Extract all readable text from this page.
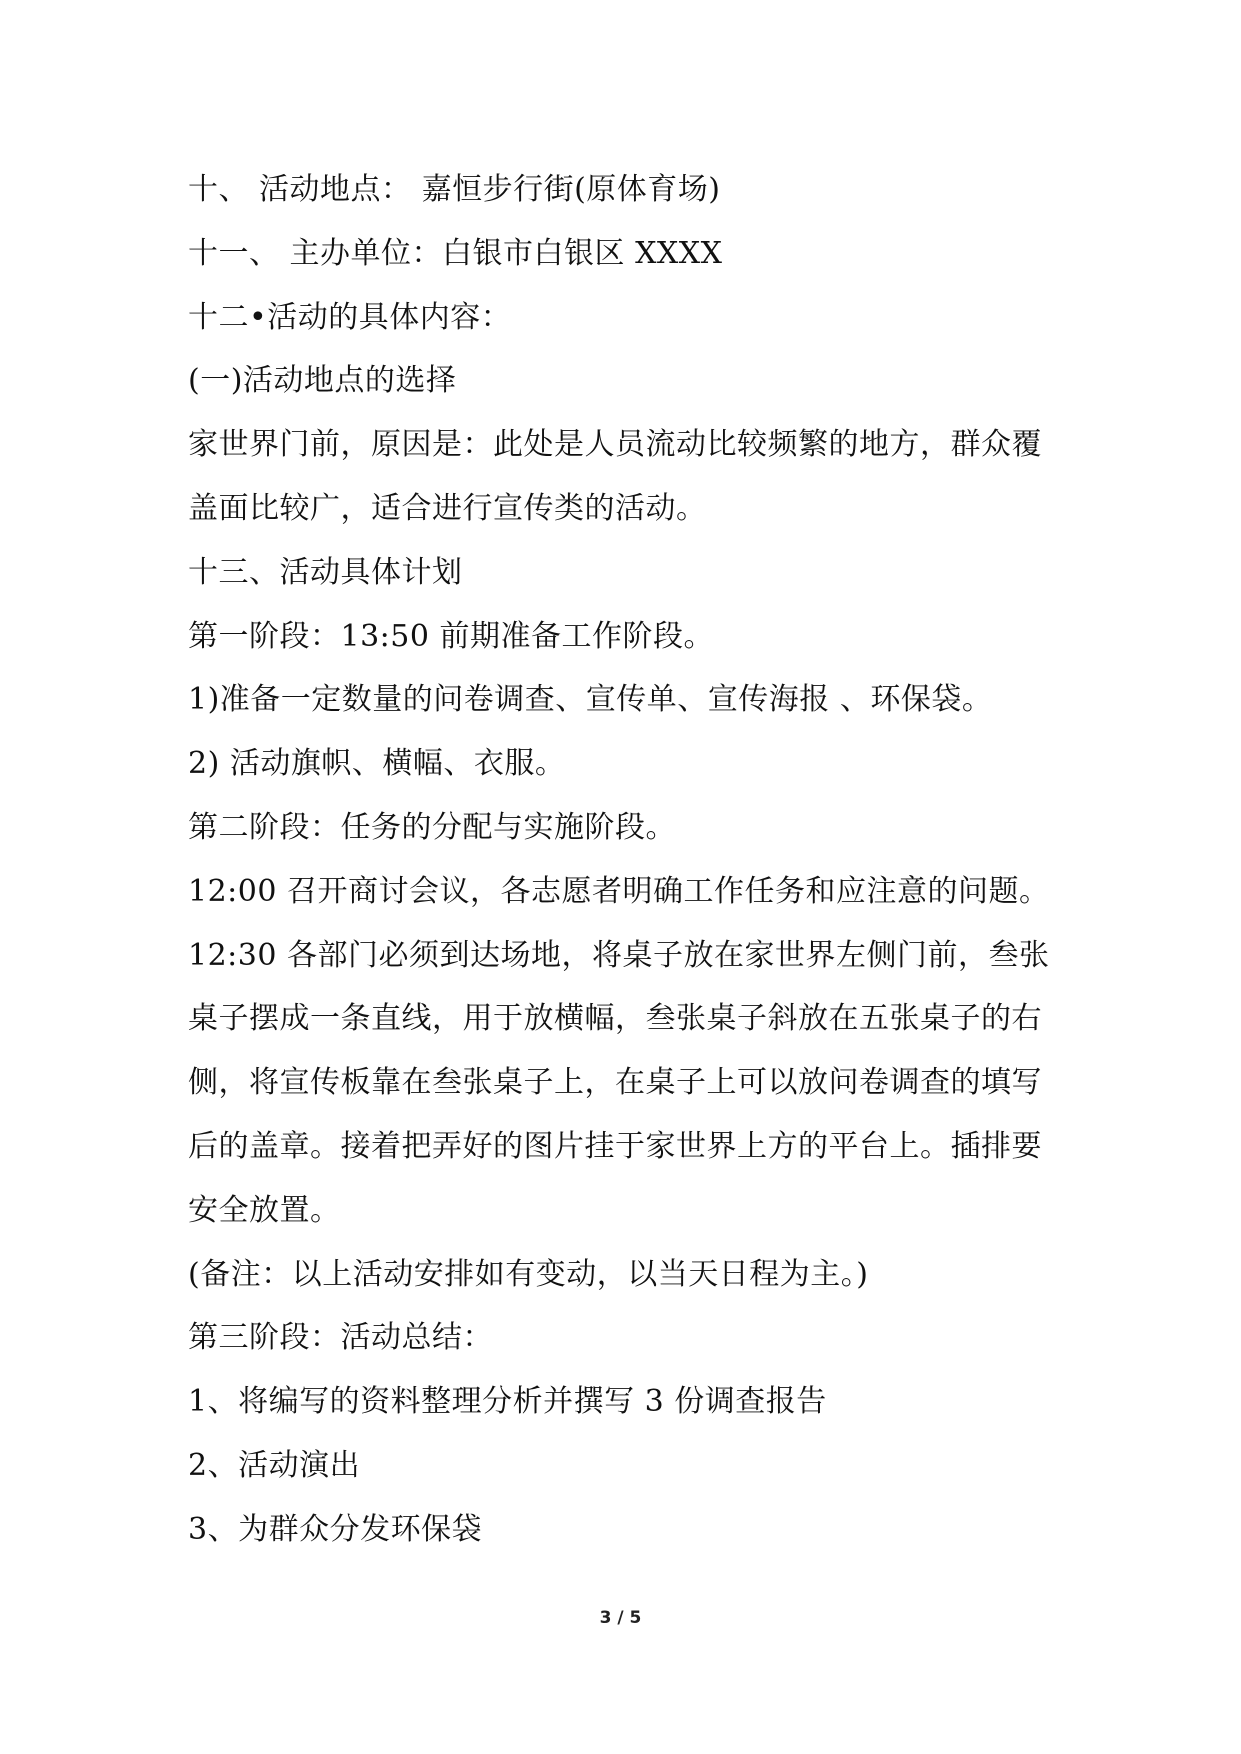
十、 活动地点： 嘉恒步行街(原体育场)
十一、 主办单位：白银市白银区 XXXX
十二•活动的具体内容：
(一)活动地点的选择
家世界门前，原因是：此处是人员流动比较频繁的地方，群众覆
盖面比较广，适合进行宣传类的活动。
十三、活动具体计划
第一阶段：13:50 前期准备工作阶段。
1)准备一定数量的问卷调查、宣传单、宣传海报 、环保袋。
2) 活动旗帜、横幅、衣服。
第二阶段：任务的分配与实施阶段。
12:00 召开商讨会议，各志愿者明确工作任务和应注意的问题。
12:30 各部门必须到达场地，将桌子放在家世界左侧门前，叁张
桌子摆成一条直线，用于放横幅，叁张桌子斜放在五张桌子的右
侧，将宣传板靠在叁张桌子上，在桌子上可以放问卷调查的填写
后的盖章。接着把弄好的图片挂于家世界上方的平台上。插排要
安全放置。
(备注：以上活动安排如有变动，以当天日程为主。)
第三阶段：活动总结：
1、将编写的资料整理分析并撰写 3 份调查报告
2、活动演出
3、为群众分发环保袋
3 / 5
